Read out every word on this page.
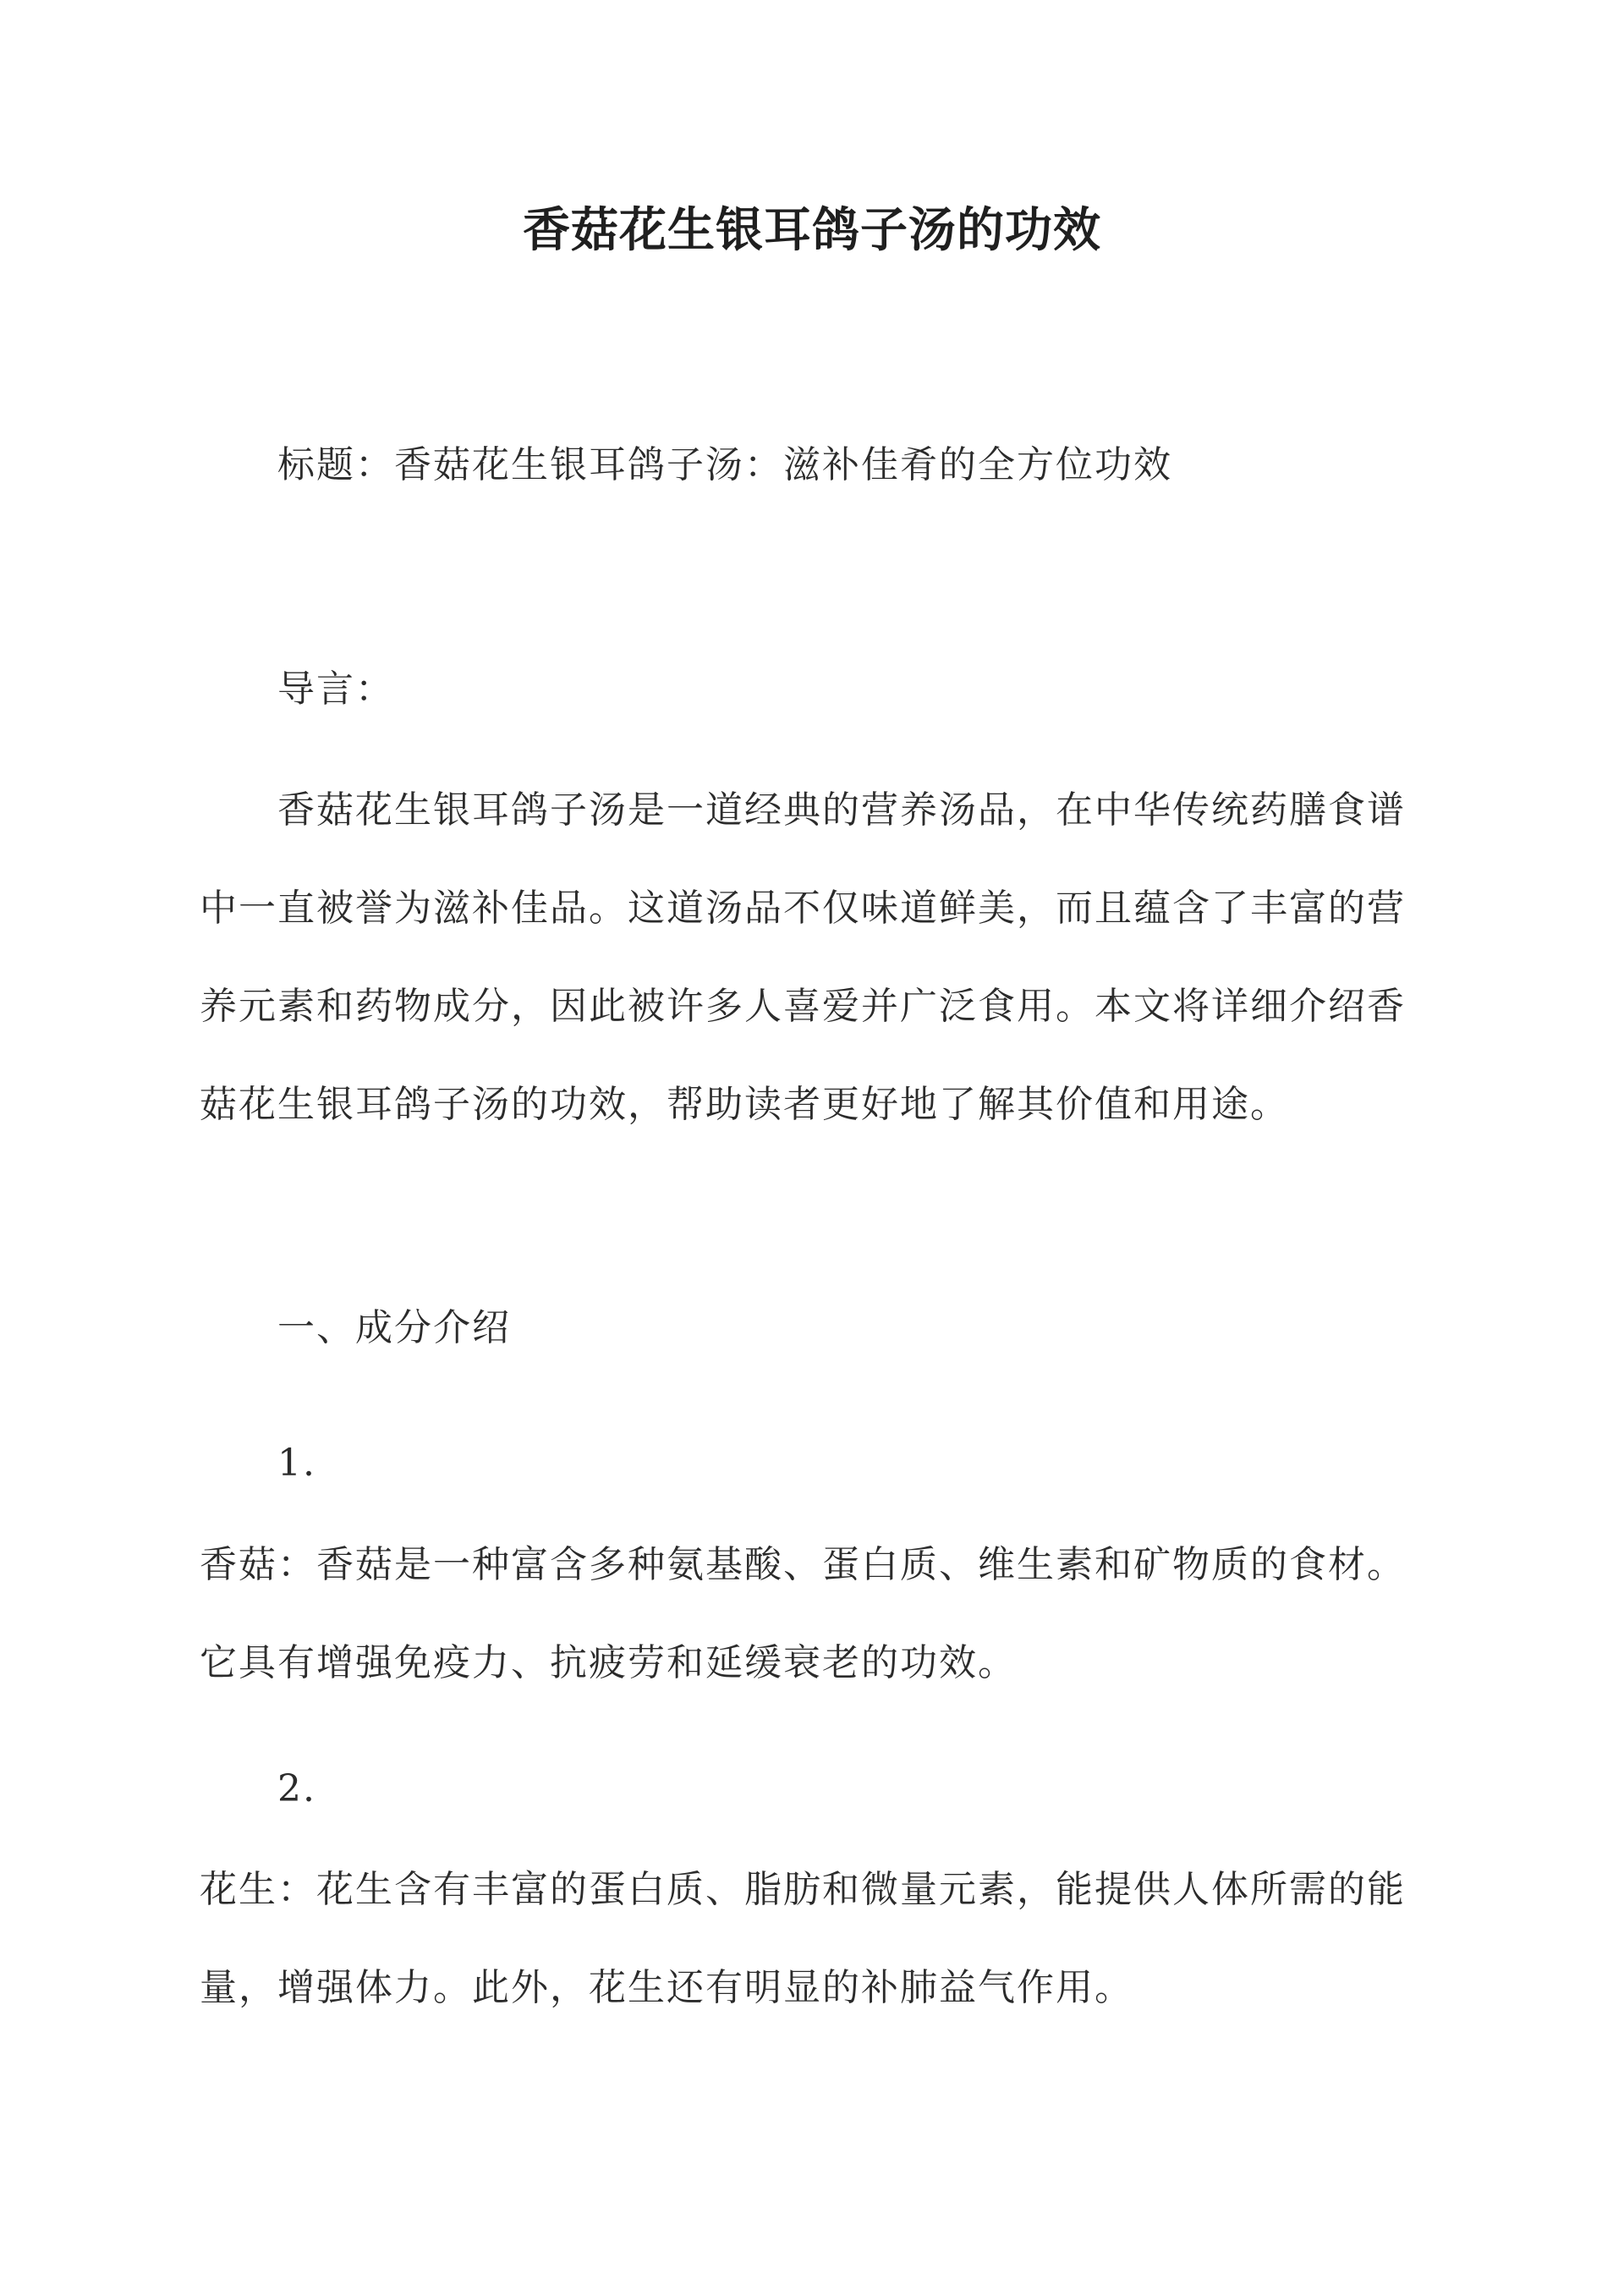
香菇花生银耳鸽子汤的功效
标题：香菇花生银耳鸽子汤：滋补佳肴的全方位功效
导言：
香菇花生银耳鸽子汤是一道经典的营养汤品，在中华传统药膳食谱中一直被誉为滋补佳品。这道汤品不仅味道鲜美，而且蕴含了丰富的营养元素和药物成分，因此被许多人喜爱并广泛食用。本文将详细介绍香菇花生银耳鸽子汤的功效，帮助读者更好地了解其价值和用途。
一、成分介绍
1.
香菇：香菇是一种富含多种氨基酸、蛋白质、维生素和矿物质的食材。它具有增强免疫力、抗疲劳和延缓衰老的功效。
2.
花生：花生含有丰富的蛋白质、脂肪和微量元素，能提供人体所需的能量，增强体力。此外，花生还有明显的补肺益气作用。
